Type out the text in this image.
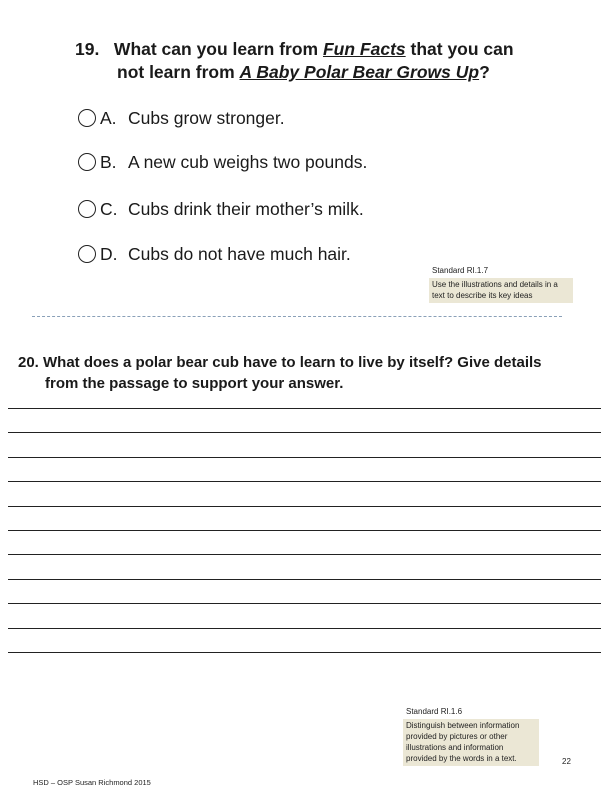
19. What can you learn from Fun Facts that you can
not learn from A Baby Polar Bear Grows Up?
A. Cubs grow stronger.
B. A new cub weighs two pounds.
C. Cubs drink their mother’s milk.
D. Cubs do not have much hair.
Standard RI.1.7
Use the illustrations and details in a text to describe its key ideas
20. What does a polar bear cub have to learn to live by itself? Give details
from the passage to support your answer.
Standard RI.1.6
Distinguish between information provided by pictures or other illustrations and information provided by the words in a text.	22
HSD – OSP Susan Richmond 2015
